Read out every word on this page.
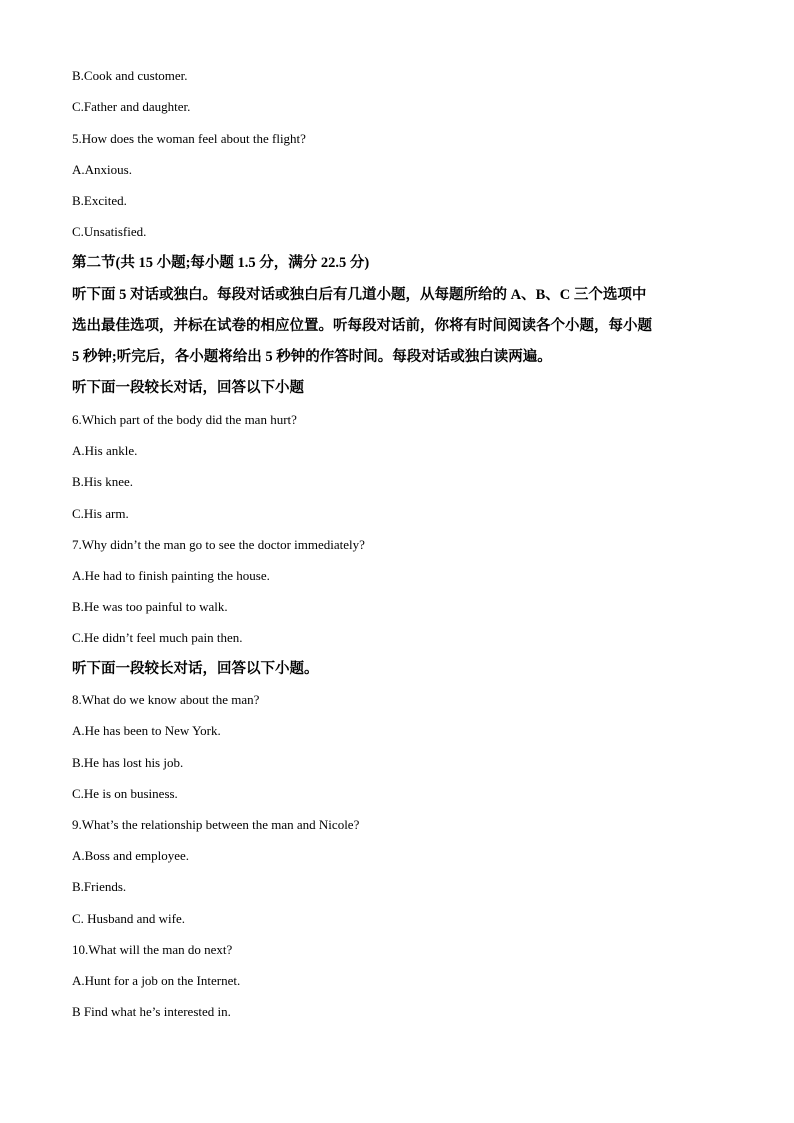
B.Cook and customer.
C.Father and daughter.
5.How does the woman feel about the flight?
A.Anxious.
B.Excited.
C.Unsatisfied.
第二节(共 15 小题;每小题 1.5 分，满分 22.5 分)
听下面 5 对话或独白。每段对话或独白后有几道小题，从每题所给的 A、B、C 三个选项中
选出最佳选项，并标在试卷的相应位置。听每段对话前，你将有时间阅读各个小题，每小题
5 秒钟;听完后，各小题将给出 5 秒钟的作答时间。每段对话或独白读两遍。
听下面一段较长对话，回答以下小题
6.Which part of the body did the man hurt?
A.His ankle.
B.His knee.
C.His arm.
7.Why didn’t the man go to see the doctor immediately?
A.He had to finish painting the house.
B.He was too painful to walk.
C.He didn’t feel much pain then.
听下面一段较长对话，回答以下小题。
8.What do we know about the man?
A.He has been to New York.
B.He has lost his job.
C.He is on business.
9.What’s the relationship between the man and Nicole?
A.Boss and employee.
B.Friends.
C. Husband and wife.
10.What will the man do next?
A.Hunt for a job on the Internet.
B Find what he’s interested in.
